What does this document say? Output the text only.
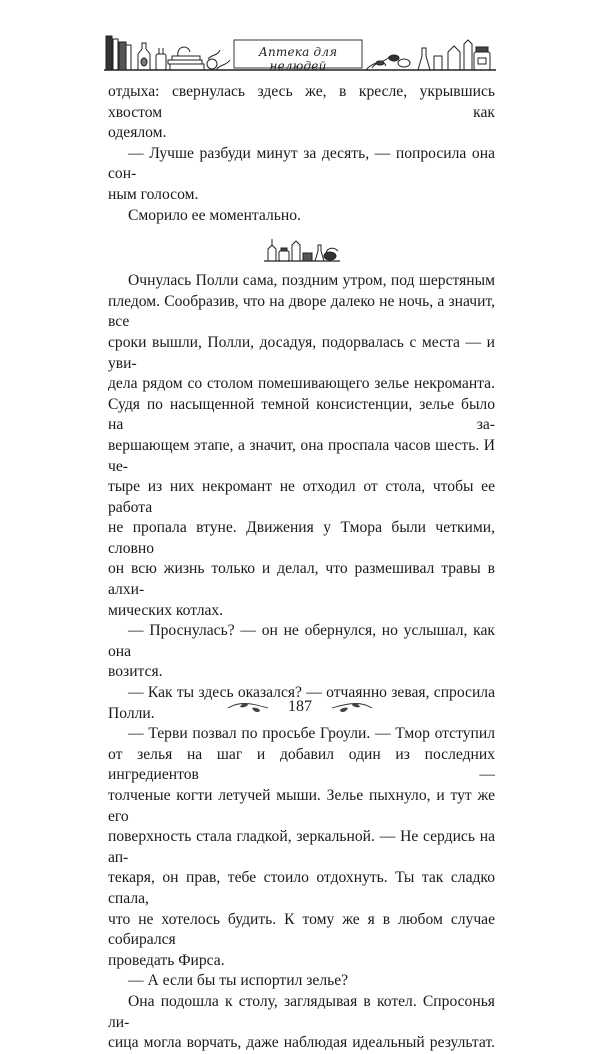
Аптека для нелюдей

отдыха: свернулась здесь же, в кресле, укрывшись хвостом как

одеялом.

— Лучше разбуди минут за десять, — попросила она сон-

ным голосом.

Сморило ее моментально.

Очнулась Полли сама, поздним утром, под шерстяным

пледом. Сообразив, что на дворе далеко не ночь, а значит, все

сроки вышли, Полли, досадуя, подорвалась с места — и уви-

дела рядом со столом помешивающего зелье некроманта.

Судя по насыщенной темной консистенции, зелье было на за-

вершающем этапе, а значит, она проспала часов шесть. И че-

тыре из них некромант не отходил от стола, чтобы ее работа

не пропала втуне. Движения у Тмора были четкими, словно

он всю жизнь только и делал, что размешивал травы в алхи-

мических котлах.

— Проснулась? — он не обернулся, но услышал, как она

возится.

— Как ты здесь оказался? — отчаянно зевая, спросила

Полли.

— Терви позвал по просьбе Гроули. — Тмор отступил

от зелья на шаг и добавил один из последних ингредиентов —

толченые когти летучей мыши. Зелье пыхнуло, и тут же его

поверхность стала гладкой, зеркальной. — Не сердись на ап-

текаря, он прав, тебе стоило отдохнуть. Ты так сладко спала,

что не хотелось будить. К тому же я в любом случае собирался

проведать Фирса.

— А если бы ты испортил зелье?

Она подошла к столу, заглядывая в котел. Спросонья ли-

сица могла ворчать, даже наблюдая идеальный результат.

187
